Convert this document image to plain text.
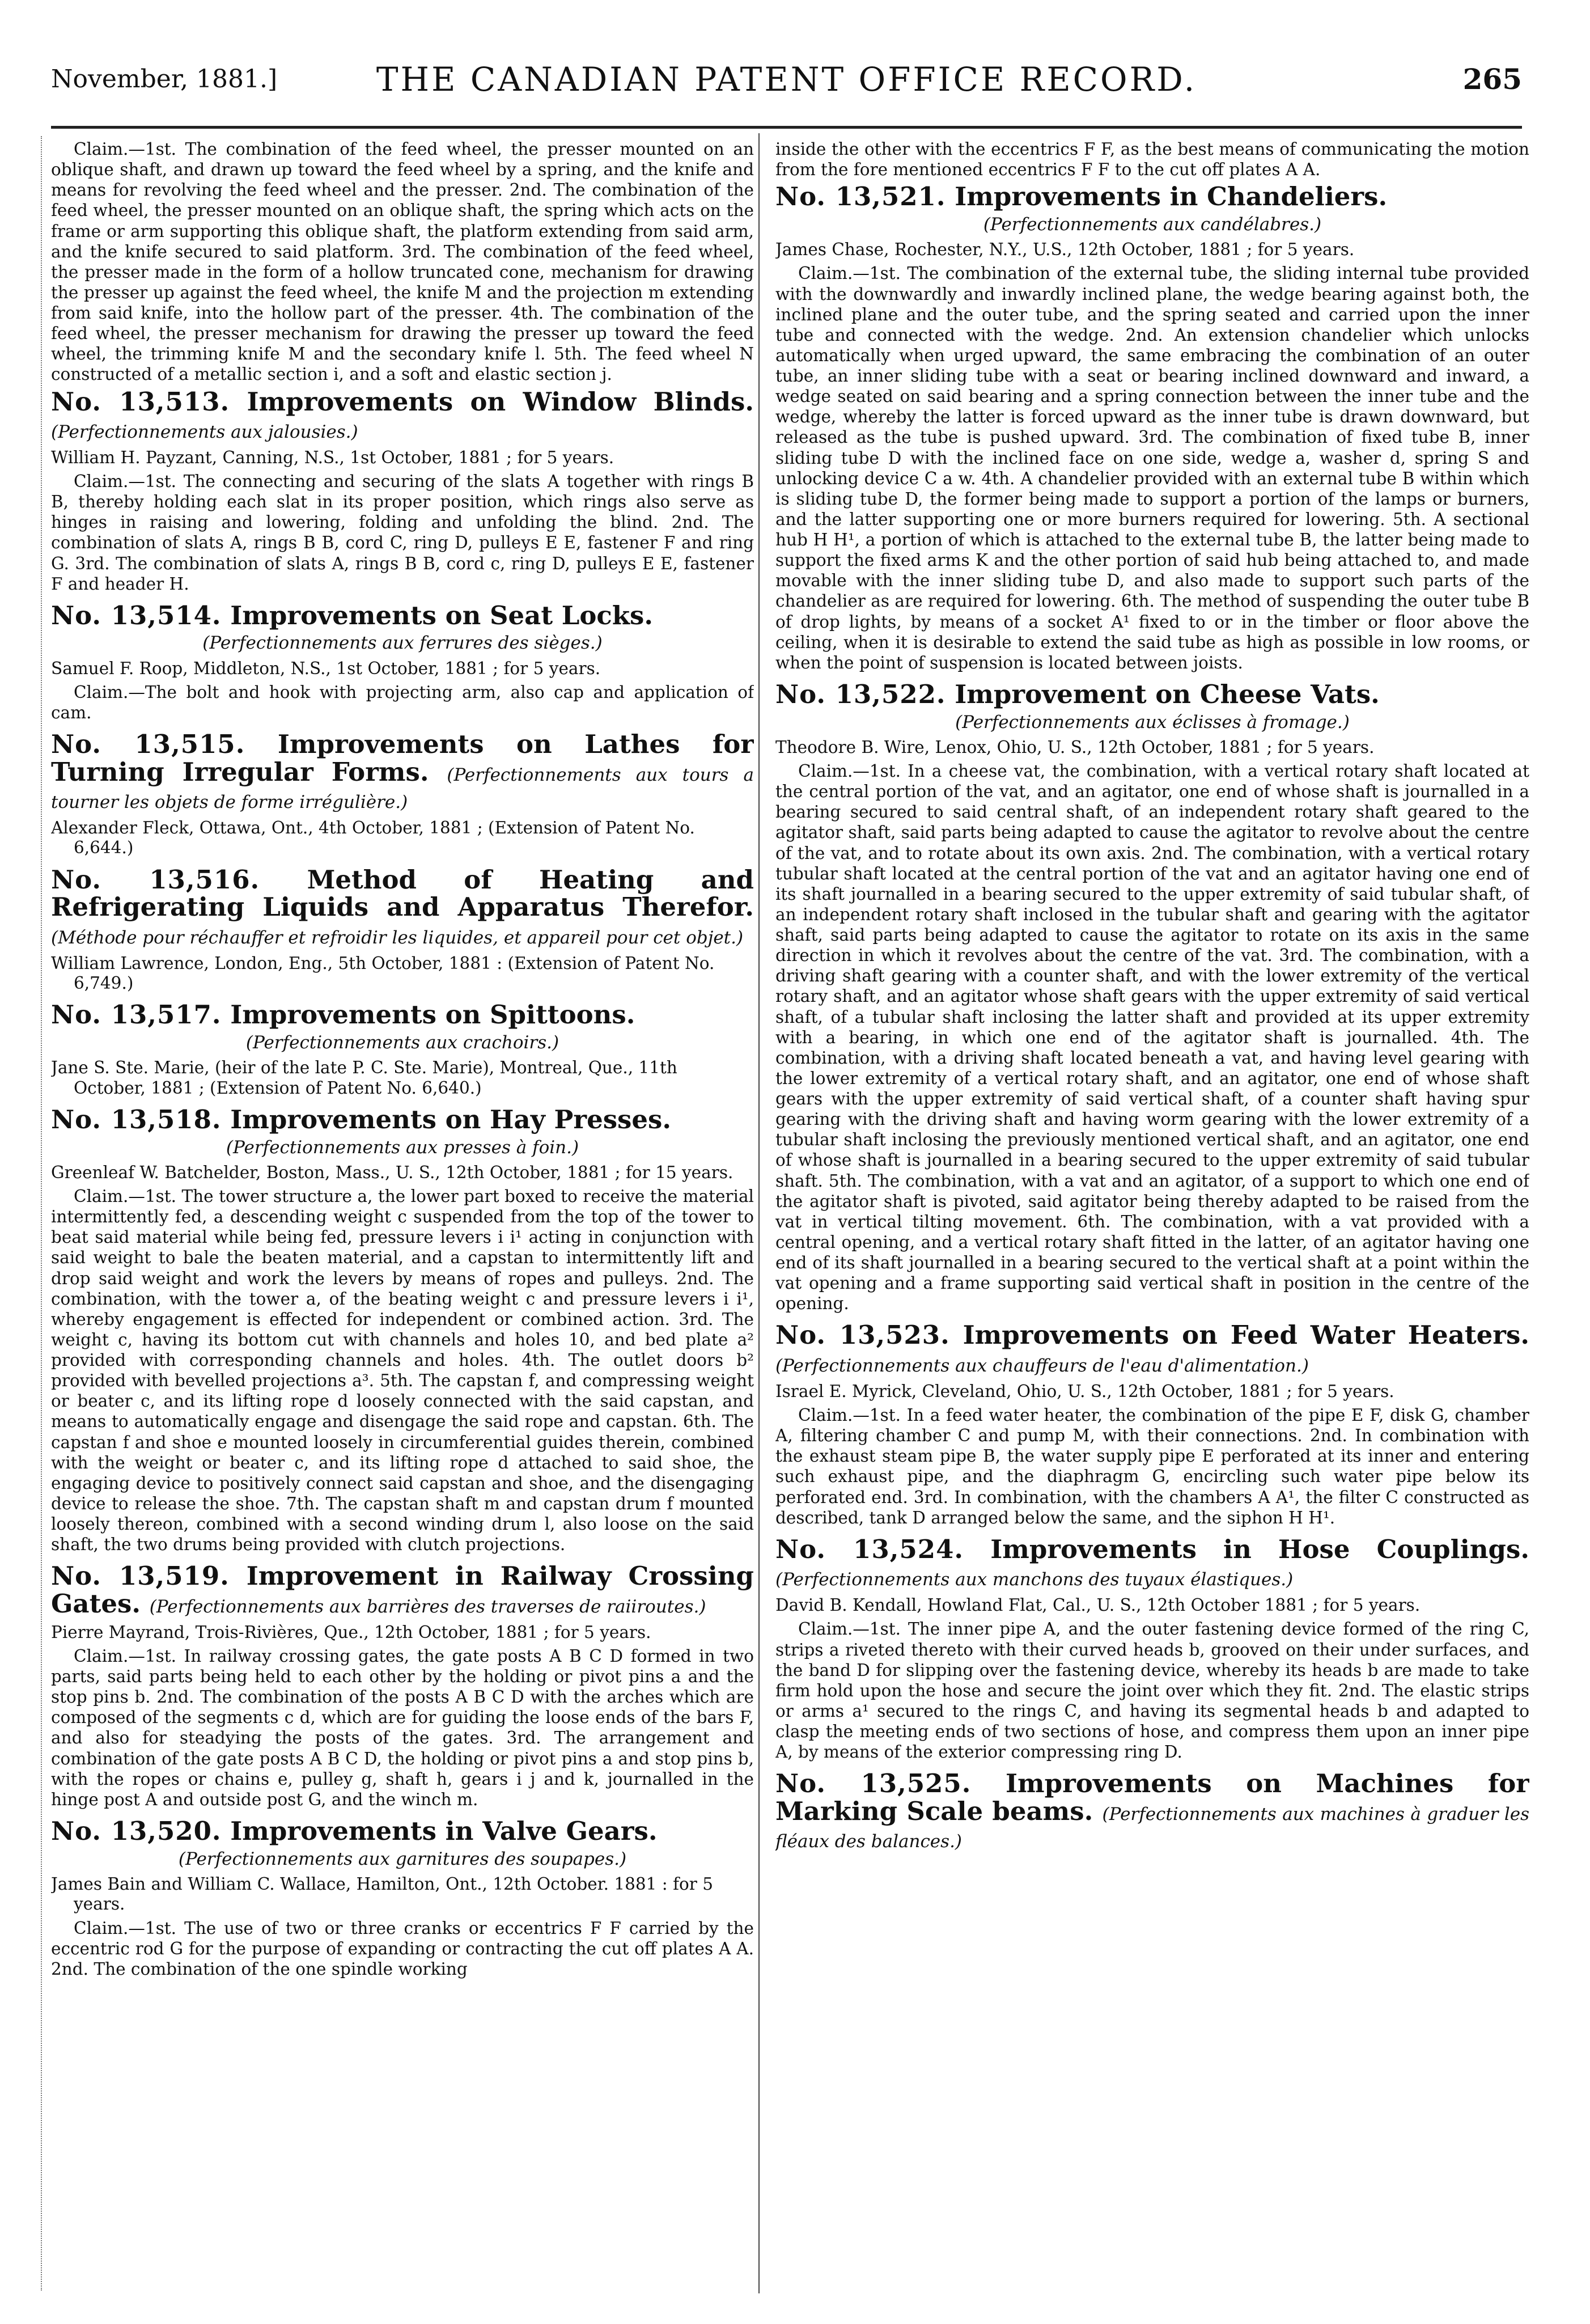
November, 1881.]	THE CANADIAN PATENT OFFICE RECORD.	265

Claim.—1st. The combination of the feed wheel, the presser mounted on an oblique shaft, and drawn up toward the feed wheel by a spring, and the knife and means for revolving the feed wheel and the presser. 2nd. The combination of the feed wheel, the presser mounted on an oblique shaft, the spring which acts on the frame or arm supporting this oblique shaft, the platform extending from said arm, and the knife secured to said platform. 3rd. The combination of the feed wheel, the presser made in the form of a hollow truncated cone, mechanism for drawing the presser up against the feed wheel, the knife M and the projection m extending from said knife, into the hollow part of the presser. 4th. The combination of the feed wheel, the presser mechanism for drawing the presser up toward the feed wheel, the trimming knife M and the secondary knife l. 5th. The feed wheel N constructed of a metallic section i, and a soft and elastic section j.

No. 13,513. Improvements on Window Blinds. (Perfectionnements aux jalousies.)
William H. Payzant, Canning, N.S., 1st October, 1881 ; for 5 years.

Claim.—1st. The connecting and securing of the slats A together with rings B B, thereby holding each slat in its proper position, which rings also serve as hinges in raising and lowering, folding and unfolding the blind. 2nd. The combination of slats A, rings B B, cord C, ring D, pulleys E E, fastener F and ring G. 3rd. The combination of slats A, rings B B, cord c, ring D, pulleys E E, fastener F and header H.

No. 13,514. Improvements on Seat Locks.
(Perfectionnements aux ferrures des sièges.)
Samuel F. Roop, Middleton, N.S., 1st October, 1881 ; for 5 years.

Claim.—The bolt and hook with projecting arm, also cap and application of cam.

No. 13,515. Improvements on Lathes for Turning Irregular Forms. (Perfectionnements aux tours a tourner les objets de forme irrégulière.)
Alexander Fleck, Ottawa, Ont., 4th October, 1881 ; (Extension of Patent No. 6,644.)
No. 13,516. Method of Heating and Refrigerating Liquids and Apparatus Therefor. (Méthode pour réchauffer et refroidir les liquides, et appareil pour cet objet.)
William Lawrence, London, Eng., 5th October, 1881 : (Extension of Patent No. 6,749.)
No. 13,517. Improvements on Spittoons.
(Perfectionnements aux crachoirs.)
Jane S. Ste. Marie, (heir of the late P. C. Ste. Marie), Montreal, Que., 11th October, 1881 ; (Extension of Patent No. 6,640.)
No. 13,518. Improvements on Hay Presses.
(Perfectionnements aux presses à foin.)
Greenleaf W. Batchelder, Boston, Mass., U. S., 12th October, 1881 ; for 15 years.

Claim.—1st. The tower structure a, the lower part boxed to receive the material intermittently fed, a descending weight c suspended from the top of the tower to beat said material while being fed, pressure levers i i¹ acting in conjunction with said weight to bale the beaten material, and a capstan to intermittently lift and drop said weight and work the levers by means of ropes and pulleys. 2nd. The combination, with the tower a, of the beating weight c and pressure levers i i¹, whereby engagement is effected for independent or combined action. 3rd. The weight c, having its bottom cut with channels and holes 10, and bed plate a² provided with corresponding channels and holes. 4th. The outlet doors b² provided with bevelled projections a³. 5th. The capstan f, and compressing weight or beater c, and its lifting rope d loosely connected with the said capstan, and means to automatically engage and disengage the said rope and capstan. 6th. The capstan f and shoe e mounted loosely in circumferential guides therein, combined with the weight or beater c, and its lifting rope d attached to said shoe, the engaging device to positively connect said capstan and shoe, and the disengaging device to release the shoe. 7th. The capstan shaft m and capstan drum f mounted loosely thereon, combined with a second winding drum l, also loose on the said shaft, the two drums being provided with clutch projections.

No. 13,519. Improvement in Railway Crossing Gates. (Perfectionnements aux barrières des traverses de raiiroutes.)
Pierre Mayrand, Trois-Rivières, Que., 12th October, 1881 ; for 5 years.

Claim.—1st. In railway crossing gates, the gate posts A B C D formed in two parts, said parts being held to each other by the holding or pivot pins a and the stop pins b. 2nd. The combination of the posts A B C D with the arches which are composed of the segments c d, which are for guiding the loose ends of the bars F, and also for steadying the posts of the gates. 3rd. The arrangement and combination of the gate posts A B C D, the holding or pivot pins a and stop pins b, with the ropes or chains e, pulley g, shaft h, gears i j and k, journalled in the hinge post A and outside post G, and the winch m.

No. 13,520. Improvements in Valve Gears.
(Perfectionnements aux garnitures des soupapes.)
James Bain and William C. Wallace, Hamilton, Ont., 12th October. 1881 : for 5 years.

Claim.—1st. The use of two or three cranks or eccentrics F F carried by the eccentric rod G for the purpose of expanding or contracting the cut off plates A A. 2nd. The combination of the one spindle working

inside the other with the eccentrics F F, as the best means of communicating the motion from the fore mentioned eccentrics F F to the cut off plates A A.

No. 13,521. Improvements in Chandeliers.
(Perfectionnements aux candélabres.)
James Chase, Rochester, N.Y., U.S., 12th October, 1881 ; for 5 years.

Claim.—1st. The combination of the external tube, the sliding internal tube provided with the downwardly and inwardly inclined plane, the wedge bearing against both, the inclined plane and the outer tube, and the spring seated and carried upon the inner tube and connected with the wedge. 2nd. An extension chandelier which unlocks automatically when urged upward, the same embracing the combination of an outer tube, an inner sliding tube with a seat or bearing inclined downward and inward, a wedge seated on said bearing and a spring connection between the inner tube and the wedge, whereby the latter is forced upward as the inner tube is drawn downward, but released as the tube is pushed upward. 3rd. The combination of fixed tube B, inner sliding tube D with the inclined face on one side, wedge a, washer d, spring S and unlocking device C a w. 4th. A chandelier provided with an external tube B within which is sliding tube D, the former being made to support a portion of the lamps or burners, and the latter supporting one or more burners required for lowering. 5th. A sectional hub H H¹, a portion of which is attached to the external tube B, the latter being made to support the fixed arms K and the other portion of said hub being attached to, and made movable with the inner sliding tube D, and also made to support such parts of the chandelier as are required for lowering. 6th. The method of suspending the outer tube B of drop lights, by means of a socket A¹ fixed to or in the timber or floor above the ceiling, when it is desirable to extend the said tube as high as possible in low rooms, or when the point of suspension is located between joists.

No. 13,522. Improvement on Cheese Vats.
(Perfectionnements aux éclisses à fromage.)
Theodore B. Wire, Lenox, Ohio, U. S., 12th October, 1881 ; for 5 years.

Claim.—1st. In a cheese vat, the combination, with a vertical rotary shaft located at the central portion of the vat, and an agitator, one end of whose shaft is journalled in a bearing secured to said central shaft, of an independent rotary shaft geared to the agitator shaft, said parts being adapted to cause the agitator to revolve about the centre of the vat, and to rotate about its own axis. 2nd. The combination, with a vertical rotary tubular shaft located at the central portion of the vat and an agitator having one end of its shaft journalled in a bearing secured to the upper extremity of said tubular shaft, of an independent rotary shaft inclosed in the tubular shaft and gearing with the agitator shaft, said parts being adapted to cause the agitator to rotate on its axis in the same direction in which it revolves about the centre of the vat. 3rd. The combination, with a driving shaft gearing with a counter shaft, and with the lower extremity of the vertical rotary shaft, and an agitator whose shaft gears with the upper extremity of said vertical shaft, of a tubular shaft inclosing the latter shaft and provided at its upper extremity with a bearing, in which one end of the agitator shaft is journalled. 4th. The combination, with a driving shaft located beneath a vat, and having level gearing with the lower extremity of a vertical rotary shaft, and an agitator, one end of whose shaft gears with the upper extremity of said vertical shaft, of a counter shaft having spur gearing with the driving shaft and having worm gearing with the lower extremity of a tubular shaft inclosing the previously mentioned vertical shaft, and an agitator, one end of whose shaft is journalled in a bearing secured to the upper extremity of said tubular shaft. 5th. The combination, with a vat and an agitator, of a support to which one end of the agitator shaft is pivoted, said agitator being thereby adapted to be raised from the vat in vertical tilting movement. 6th. The combination, with a vat provided with a central opening, and a vertical rotary shaft fitted in the latter, of an agitator having one end of its shaft journalled in a bearing secured to the vertical shaft at a point within the vat opening and a frame supporting said vertical shaft in position in the centre of the opening.

No. 13,523. Improvements on Feed Water Heaters. (Perfectionnements aux chauffeurs de l'eau d'alimentation.)
Israel E. Myrick, Cleveland, Ohio, U. S., 12th October, 1881 ; for 5 years.

Claim.—1st. In a feed water heater, the combination of the pipe E F, disk G, chamber A, filtering chamber C and pump M, with their connections. 2nd. In combination with the exhaust steam pipe B, the water supply pipe E perforated at its inner and entering such exhaust pipe, and the diaphragm G, encircling such water pipe below its perforated end. 3rd. In combination, with the chambers A A¹, the filter C constructed as described, tank D arranged below the same, and the siphon H H¹.

No. 13,524. Improvements in Hose Couplings. (Perfectionnements aux manchons des tuyaux élastiques.)
David B. Kendall, Howland Flat, Cal., U. S., 12th October 1881 ; for 5 years.

Claim.—1st. The inner pipe A, and the outer fastening device formed of the ring C, strips a riveted thereto with their curved heads b, grooved on their under surfaces, and the band D for slipping over the fastening device, whereby its heads b are made to take firm hold upon the hose and secure the joint over which they fit. 2nd. The elastic strips or arms a¹ secured to the rings C, and having its segmental heads b and adapted to clasp the meeting ends of two sections of hose, and compress them upon an inner pipe A, by means of the exterior compressing ring D.

No. 13,525. Improvements on Machines for Marking Scale beams. (Perfectionnements aux machines à graduer les fléaux des balances.)
